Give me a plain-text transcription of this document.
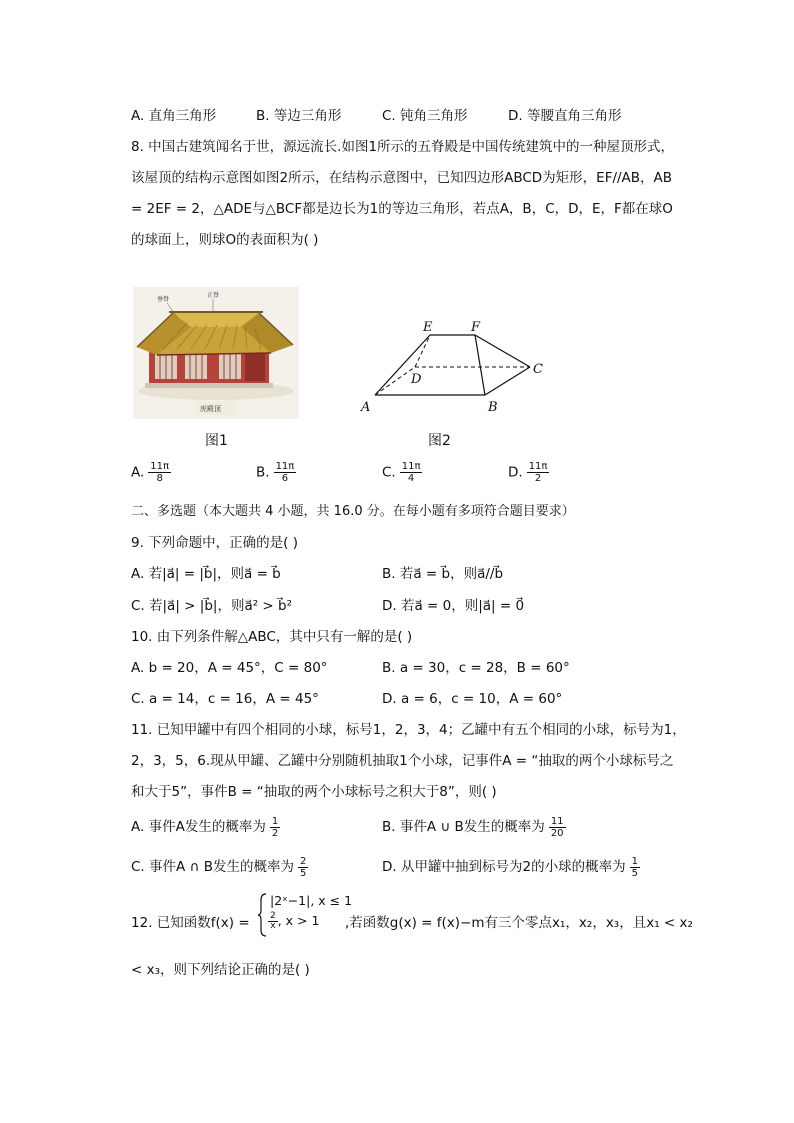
A. 直角三角形	B. 等边三角形	C. 钝角三角形	D. 等腰直角三角形
8. 中国古建筑闻名于世，源远流长.如图1所示的五脊殿是中国传统建筑中的一种屋顶形式，
该屋顶的结构示意图如图2所示，在结构示意图中，已知四边形ABCD为矩形，EF//AB，AB
= 2EF = 2，△ADE与△BCF都是边长为1的等边三角形，若点A，B，C，D，E，F都在球O
的球面上，则球O的表面积为( )
垂脊
正脊
庑殿顶
图1
E	F
D
C
A	B
图2
A. $\frac{11\pi}{8}$	B. $\frac{11\pi}{6}$	C. $\frac{11\pi}{4}$	D. $\frac{11\pi}{2}$
二、多选题（本大题共 4 小题，共 16.0 分。在每小题有多项符合题目要求）
9. 下列命题中，正确的是( )
A. 若|a⃗| = |b⃗|，则a⃗ = b⃗	B. 若a⃗ = b⃗，则a⃗//b⃗
C. 若|a⃗| > |b⃗|，则a⃗² > b⃗²	D. 若a⃗ = 0，则|a⃗| = 0⃗
10. 由下列条件解△ABC，其中只有一解的是( )
A. b = 20，A = 45°，C = 80°	B. a = 30，c = 28，B = 60°
C. a = 14，c = 16，A = 45°	D. a = 6，c = 10，A = 60°
11. 已知甲罐中有四个相同的小球，标号1，2，3，4；乙罐中有五个相同的小球，标号为1，
2，3，5，6.现从甲罐、乙罐中分别随机抽取1个小球，记事件A = “抽取的两个小球标号之
和大于5”，事件B = “抽取的两个小球标号之积大于8”，则( )
A. 事件A发生的概率为 $\frac{1}{2}$	B. 事件A ∪ B发生的概率为 $\frac{11}{20}$
C. 事件A ∩ B发生的概率为 $\frac{2}{5}$	D. 从甲罐中抽到标号为2的小球的概率为 $\frac{1}{5}$
12. 已知函数f(x) =
|2ˣ−1|, x ≤ 1
$\frac{2}{x}$ , x > 1 ,若函数g(x) = f(x)−m有三个零点x₁，x₂，x₃，且x₁ < x₂
< x₃，则下列结论正确的是( )
